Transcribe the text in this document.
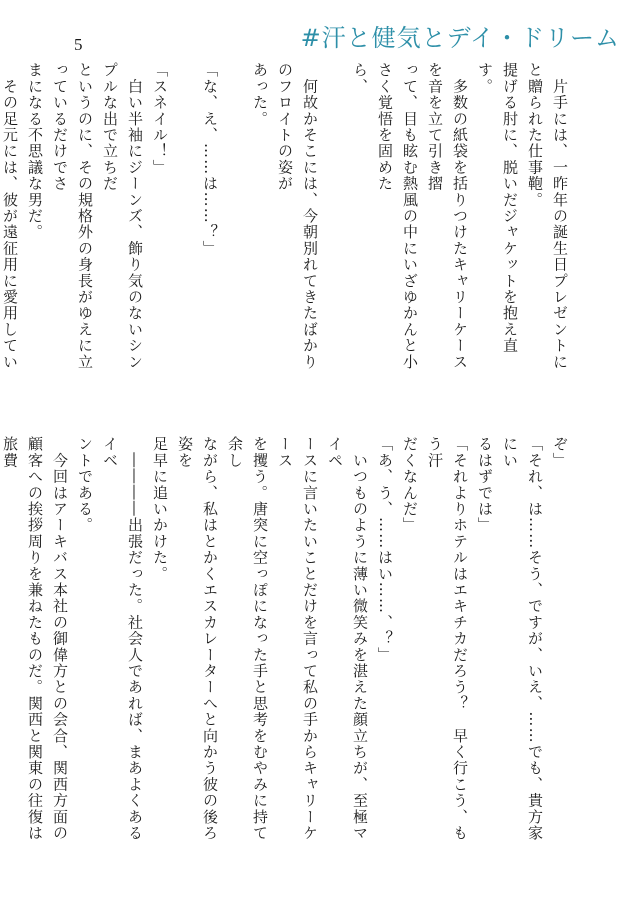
5	#汗と健気とデイ・ドリーム

　片手には、一昨年の誕生日プレゼントにと贈られた仕事鞄。

提げる肘に、脱いだジャケットを抱え直す。

　多数の紙袋を括りつけたキャリーケースを音を立て引き摺

って、目も眩む熱風の中にいざゆかんと小さく覚悟を固めた

ら、

　何故かそこには、今朝別れてきたばかりのフロイトの姿が

あった。

「な、え、……は……？」

「スネイル！」

　白い半袖にジーンズ、飾り気のないシンプルな出で立ちだ

というのに、その規格外の身長がゆえに立っているだけでさ

まになる不思議な男だ。

　その足元には、彼が遠征用に愛用してい

ぞ」

「それ、は……そう、ですが、いえ、……でも、貴方家にい

るはずでは」

「それよりホテルはエキチカだろう？　早く行こう、もう汗

だくなんだ」

「あ、う、……はい……、？」

　いつものように薄い微笑みを湛えた顔立ちが、至極マイペ

ースに言いたいことだけを言って私の手からキャリーケース

を攫う。唐突に空っぽになった手と思考をむやみに持て余し

ながら、私はとかくエスカレーターへと向かう彼の後ろ姿を

足早に追いかけた。

　――――出張だった。社会人であれば、まあよくあるイベ

ントである。

　今回はアーキバス本社の御偉方との会合、関西方面の

顧客への挨拶周りを兼ねたものだ。関西と関東の往復は旅費
